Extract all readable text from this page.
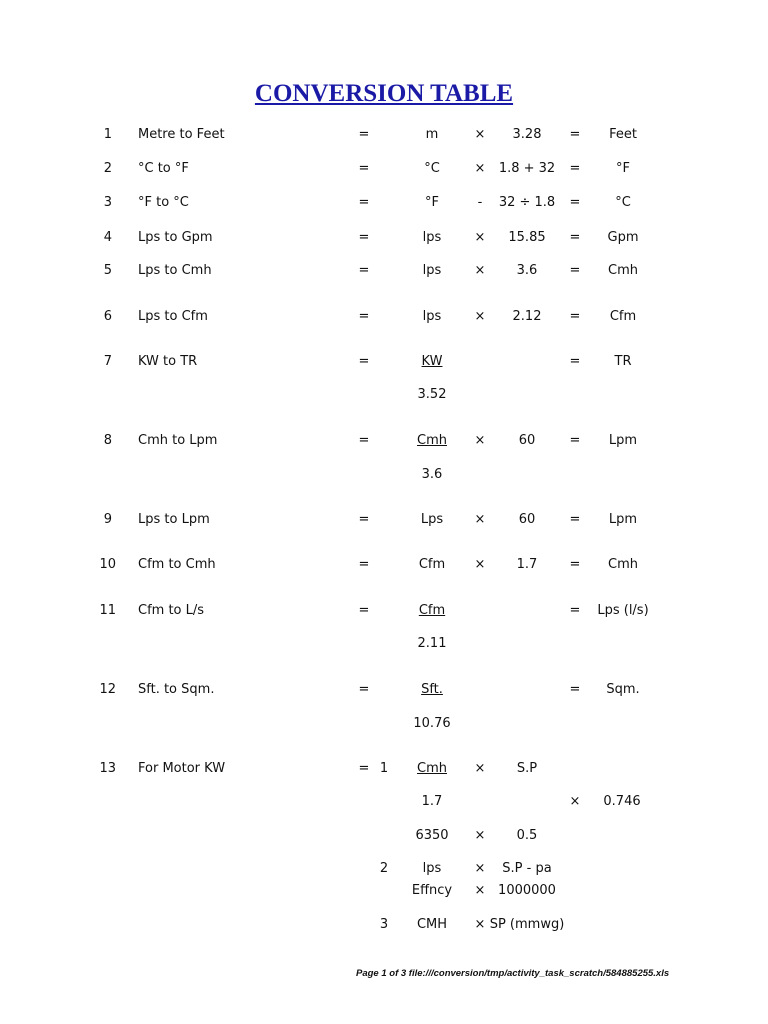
CONVERSION TABLE
1 Metre to Feet	=	m	× 3.28 = Feet
2 °C to °F	=	°C	× 1.8 + 32 =	°F
3 °F to °C	=	°F	- 32 ÷ 1.8 =	°C
4 Lps to Gpm	=	lps	× 15.85 = Gpm
5 Lps to Cmh	=	lps	× 3.6 = Cmh
6 Lps to Cfm	=	lps	× 2.12 = Cfm
7 KW to TR	=	KW	=	TR
3.52
8 Cmh to Lpm	=	Cmh ×	60	= Lpm
3.6
9 Lps to Lpm	=	Lps ×	60	= Lpm
10 Cfm to Cmh	=	Cfm × 1.7 = Cmh
11 Cfm to L/s	=	Cfm	= Lps (l/s)
2.11
12 Sft. to Sqm.	=	Sft.	= Sqm.
10.76
13 For Motor KW	= 1 Cmh × S.P
1.7	× 0.746
6350 × 0.5
2	lps	× S.P - pa
Effncy × 1000000
3 CMH × SP (mmwg)
Page 1 of 3 file:///conversion/tmp/activity_task_scratch/584885255.xls
